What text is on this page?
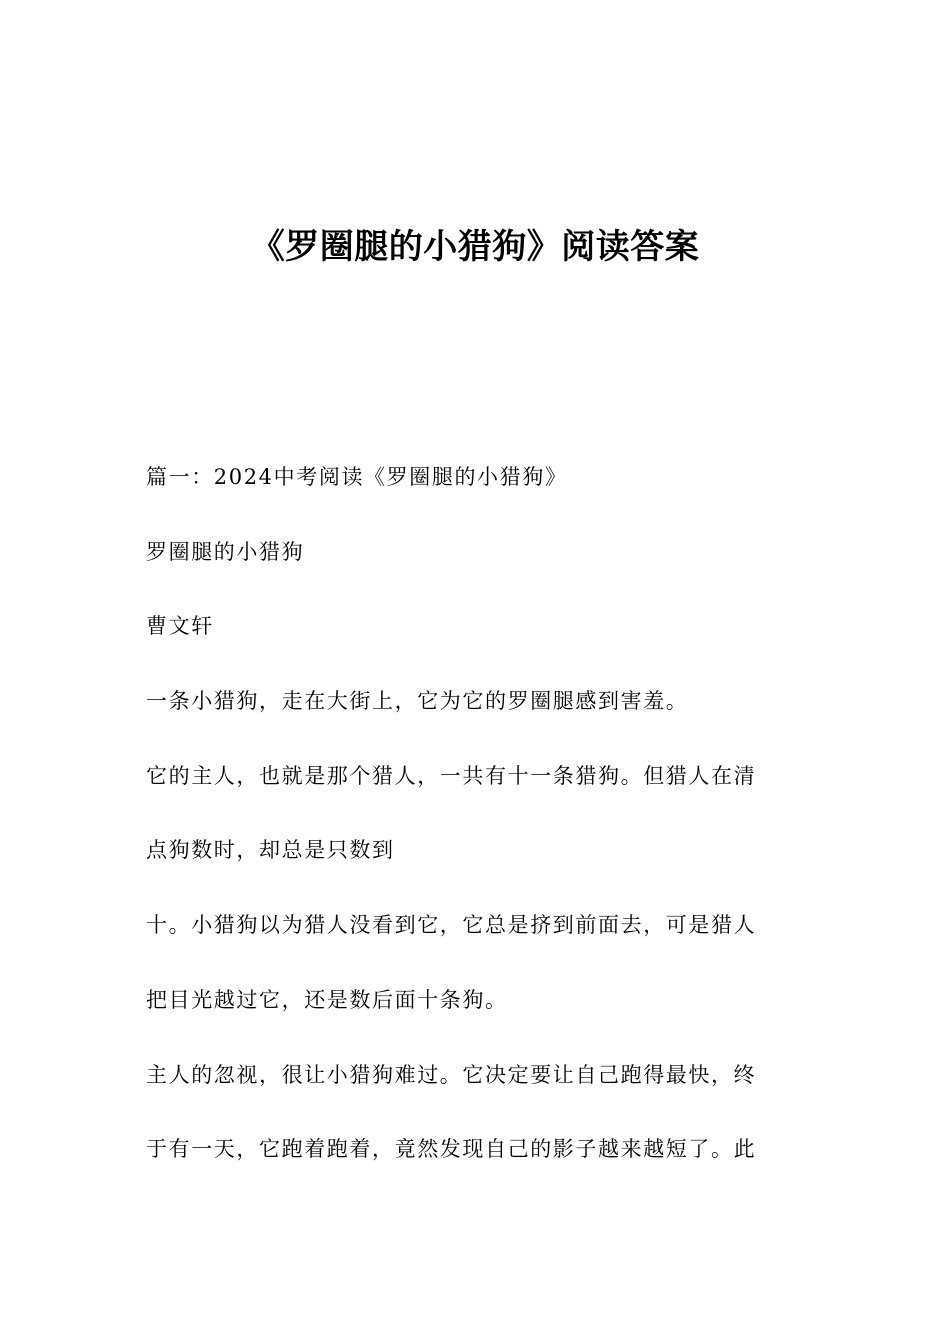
《罗圈腿的小猎狗》阅读答案

篇一：2024中考阅读《罗圈腿的小猎狗》

罗圈腿的小猎狗

曹文轩

一条小猎狗，走在大街上，它为它的罗圈腿感到害羞。

它的主人，也就是那个猎人，一共有十一条猎狗。但猎人在清

点狗数时，却总是只数到

十。小猎狗以为猎人没看到它，它总是挤到前面去，可是猎人

把目光越过它，还是数后面十条狗。

主人的忽视，很让小猎狗难过。它决定要让自己跑得最快，终

于有一天，它跑着跑着，竟然发现自己的影子越来越短了。此
